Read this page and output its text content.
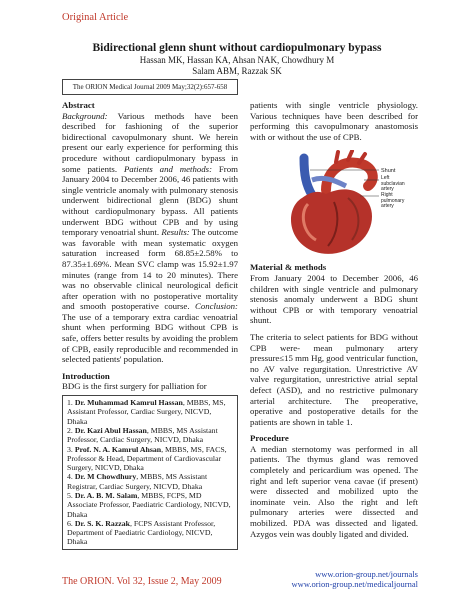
Original Article
Bidirectional glenn shunt without cardiopulmonary bypass
Hassan MK, Hassan KA, Ahsan NAK, Chowdhury M
Salam ABM, Razzak SK
The ORION Medical Journal 2009 May;32(2):657-658
Abstract

Background: Various methods have been described for fashioning of the superior bidirectional cavopulmonary shunt. We herein present our early experience for performing this procedure without cardiopulmonary bypass in some patients. Patients and methods: From January 2004 to December 2006, 46 patients with single ventricle anomaly with pulmonary stenosis underwent bidirectional glenn (BDG) shunt without cardiopulmonary bypass. All patients underwent BDG without CPB and by using temporary venoatrial shunt. Results: The outcome was favorable with mean systematic oxygen saturation increased form 68.85±2.58% to 87.35±1.69%. Mean SVC clamp was 15.92±1.97 minutes (range from 14 to 20 minutes). There was no observable clinical neurological deficit after operation with no postoperative mortality and smooth postoperative course. Conclusion: The use of a temporary extra cardiac venoatrial shunt when performing BDG without CPB is safe, offers better results by avoiding the problem of CPB, easily reproducible and recommended in selected patients' population.

Introduction
BDG is the first surgery for palliation for
1. Dr. Muhammad Kamrul Hassan, MBBS, MS, Assistant Professor, Cardiac Surgery, NICVD, Dhaka
2. Dr. Kazi Abul Hassan, MBBS, MS Assistant Professor, Cardiac Surgery, NICVD, Dhaka
3. Prof. N. A. Kamrul Ahsan, MBBS, MS, FACS, Professor & Head, Department of Cardiovascular Surgery, NICVD, Dhaka
4. Dr. M Chowdhury, MBBS, MS Assistant Registrar, Cardiac Surgery, NICVD, Dhaka
5. Dr. A. B. M. Salam, MBBS, FCPS, MD Associate Professor, Paediatric Cardiology, NICVD, Dhaka
6. Dr. S. K. Razzak, FCPS Assistant Professor, Department of Paediatric Cardiology, NICVD, Dhaka

patients with single ventricle physiology. Various techniques have been described for performing this cavopulmonary anastomosis with or without the use of CPB.

Shunt
Left subclavian artery
Right pulmonary artery
Material & methods

From January 2004 to December 2006, 46 children with single ventricle and pulmonary stenosis anomaly underwent a BDG shunt without CPB or with temporary venoatrial shunt.

The criteria to select patients for BDG without CPB were- mean pulmonary artery pressure≤15 mm Hg, good ventricular function, no AV valve regurgitation. Unrestrictive AV valve regurgitation, unrestrictive atrial septal defect (ASD), and no restrictive pulmonary arterial architecture. The preoperative, operative and postoperative details for the patients are shown in table 1.

Procedure

A median sternotomy was performed in all patients. The thymus gland was removed completely and pericardium was opened. The right and left superior vena cavae (if present) were dissected and mobilized upto the inominate vein. Also the right and left pulmonary arteries were dissected and mobilized. PDA was dissected and ligated. Azygos vein was doubly ligated and divided.

The ORION. Vol 32, Issue 2, May 2009
www.orion-group.net/journals
www.orion-group.net/medicaljournal
